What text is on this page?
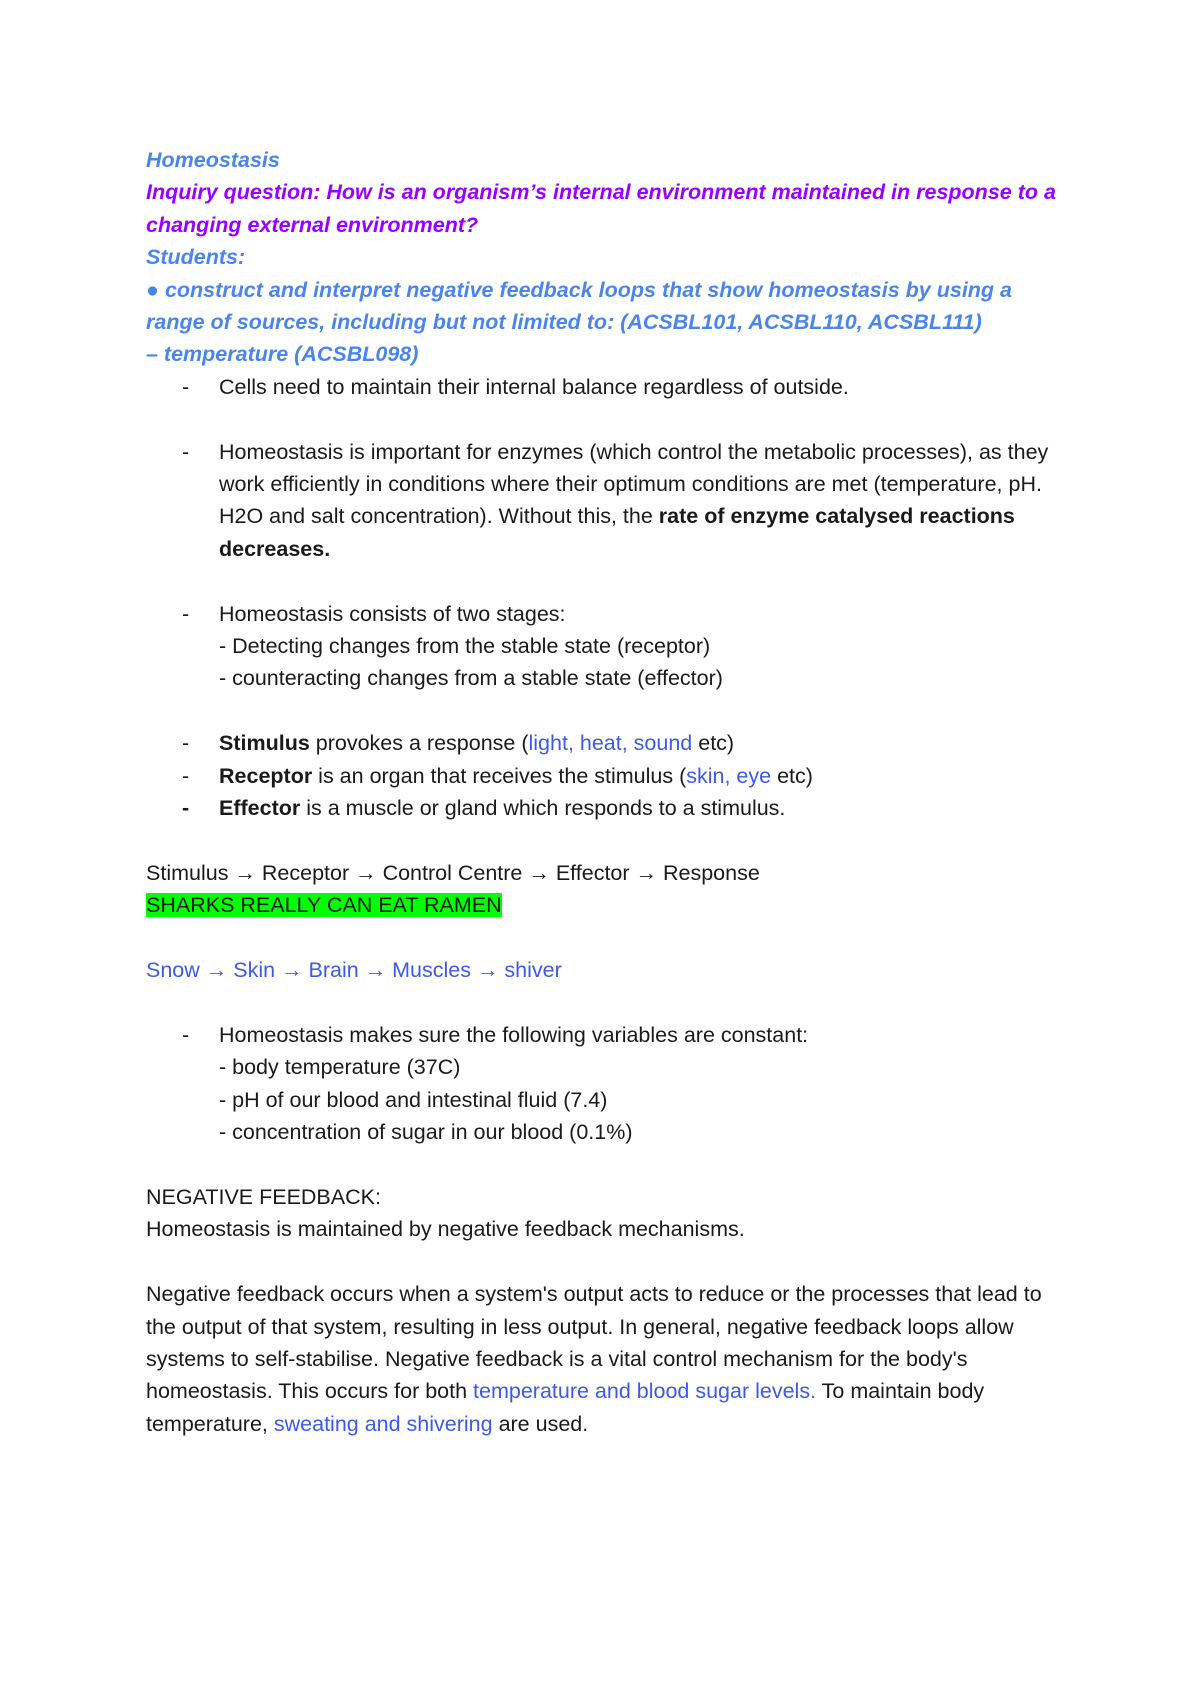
Homeostasis

Inquiry question: How is an organism’s internal environment maintained in response to a changing external environment?

Students:

● construct and interpret negative feedback loops that show homeostasis by using a range of sources, including but not limited to: (ACSBL101, ACSBL110, ACSBL111)

– temperature (ACSBL098)

- Cells need to maintain their internal balance regardless of outside.
- Homeostasis is important for enzymes (which control the metabolic processes), as they work efficiently in conditions where their optimum conditions are met (temperature, pH. H2O and salt concentration). Without this, the rate of enzyme catalysed reactions decreases.
- Homeostasis consists of two stages:
- Detecting changes from the stable state (receptor)
- counteracting changes from a stable state (effector)
- Stimulus provokes a response (light, heat, sound etc)
- Receptor is an organ that receives the stimulus (skin, eye etc)
- Effector is a muscle or gland which responds to a stimulus.

Stimulus → Receptor → Control Centre → Effector → Response

SHARKS REALLY CAN EAT RAMEN

Snow → Skin → Brain → Muscles → shiver

- Homeostasis makes sure the following variables are constant:
- body temperature (37C)
- pH of our blood and intestinal fluid (7.4)
- concentration of sugar in our blood (0.1%)

NEGATIVE FEEDBACK:

Homeostasis is maintained by negative feedback mechanisms.

Negative feedback occurs when a system's output acts to reduce or the processes that lead to the output of that system, resulting in less output. In general, negative feedback loops allow systems to self-stabilise. Negative feedback is a vital control mechanism for the body's homeostasis. This occurs for both temperature and blood sugar levels. To maintain body temperature, sweating and shivering are used.
